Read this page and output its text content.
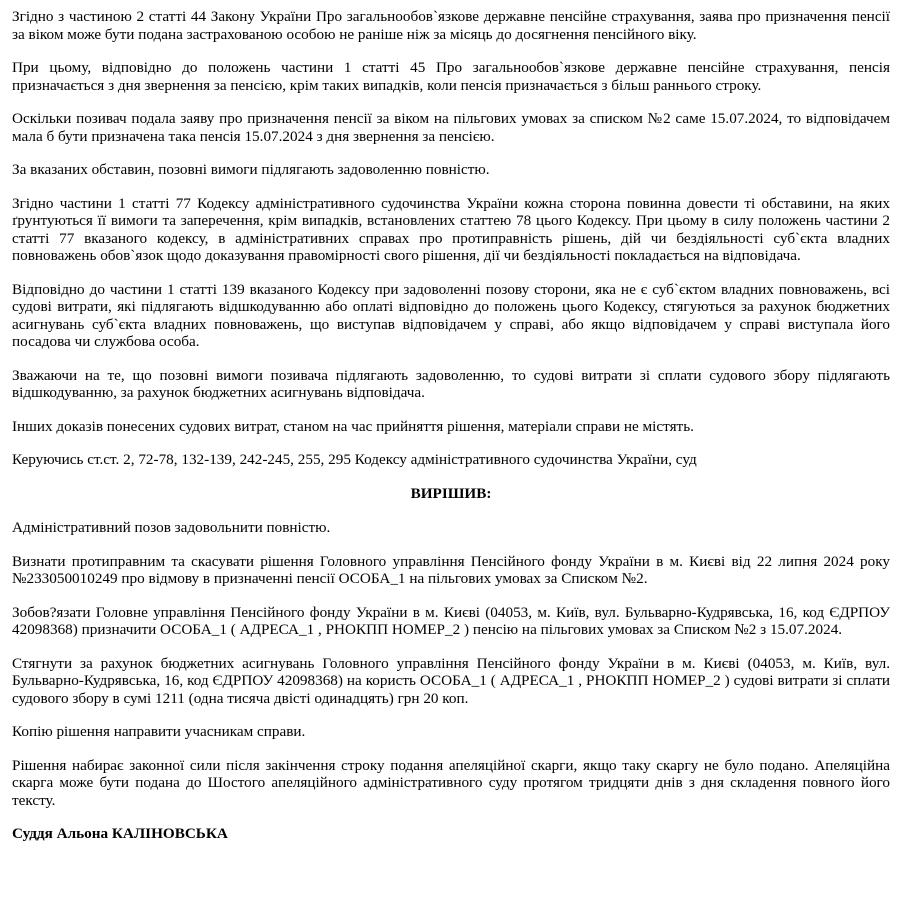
Згідно з частиною 2 статті 44 Закону України Про загальнообов`язкове державне пенсійне страхування, заява про призначення пенсії за віком може бути подана застрахованою особою не раніше ніж за місяць до досягнення пенсійного віку.

При цьому, відповідно до положень частини 1 статті 45 Про загальнообов`язкове державне пенсійне страхування, пенсія призначається з дня звернення за пенсією, крім таких випадків, коли пенсія призначається з більш раннього строку.

Оскільки позивач подала заяву про призначення пенсії за віком на пільгових умовах за списком №2 саме 15.07.2024, то відповідачем мала б бути призначена така пенсія 15.07.2024 з дня звернення за пенсією.

За вказаних обставин, позовні вимоги підлягають задоволенню повністю.

Згідно частини 1 статті 77 Кодексу адміністративного судочинства України кожна сторона повинна довести ті обставини, на яких ґрунтуються її вимоги та заперечення, крім випадків, встановлених статтею 78 цього Кодексу. При цьому в силу положень частини 2 статті 77 вказаного кодексу, в адміністративних справах про протиправність рішень, дій чи бездіяльності суб`єкта владних повноважень обов`язок щодо доказування правомірності свого рішення, дії чи бездіяльності покладається на відповідача.

Відповідно до частини 1 статті 139 вказаного Кодексу при задоволенні позову сторони, яка не є суб`єктом владних повноважень, всі судові витрати, які підлягають відшкодуванню або оплаті відповідно до положень цього Кодексу, стягуються за рахунок бюджетних асигнувань суб`єкта владних повноважень, що виступав відповідачем у справі, або якщо відповідачем у справі виступала його посадова чи службова особа.

Зважаючи на те, що позовні вимоги позивача підлягають задоволенню, то судові витрати зі сплати судового збору підлягають відшкодуванню, за рахунок бюджетних асигнувань відповідача.

Інших доказів понесених судових витрат, станом на час прийняття рішення, матеріали справи не містять.

Керуючись ст.ст. 2, 72-78, 132-139, 242-245, 255, 295 Кодексу адміністративного судочинства України, суд

ВИРІШИВ:

Адміністративний позов задовольнити повністю.

Визнати протиправним та скасувати рішення Головного управління Пенсійного фонду України в м. Києві від 22 липня 2024 року №233050010249 про відмову в призначенні пенсії ОСОБА_1 на пільгових умовах за Списком №2.

Зобов?язати Головне управління Пенсійного фонду України в м. Києві (04053, м. Київ, вул. Бульварно-Кудрявська, 16, код ЄДРПОУ 42098368) призначити ОСОБА_1 ( АДРЕСА_1 , РНОКПП НОМЕР_2 ) пенсію на пільгових умовах за Списком №2 з 15.07.2024.

Стягнути за рахунок бюджетних асигнувань Головного управління Пенсійного фонду України в м. Києві (04053, м. Київ, вул. Бульварно-Кудрявська, 16, код ЄДРПОУ 42098368) на користь ОСОБА_1 ( АДРЕСА_1 , РНОКПП НОМЕР_2 ) судові витрати зі сплати судового збору в сумі 1211 (одна тисяча двісті одинадцять) грн 20 коп.

Копію рішення направити учасникам справи.

Рішення набирає законної сили після закінчення строку подання апеляційної скарги, якщо таку скаргу не було подано. Апеляційна скарга може бути подана до Шостого апеляційного адміністративного суду протягом тридцяти днів з дня складення повного його тексту.

Суддя Альона КАЛІНОВСЬКА
